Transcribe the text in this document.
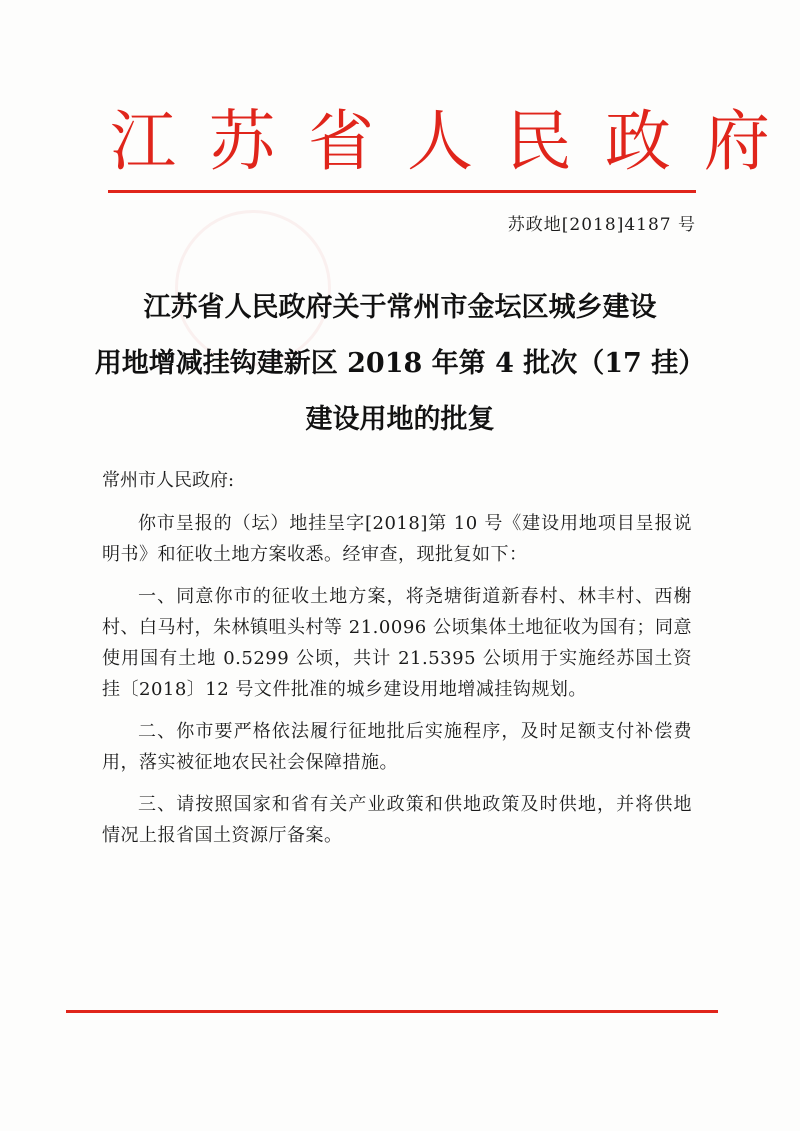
江 苏 省 人 民 政 府
苏政地[2018]4187 号
江苏省人民政府关于常州市金坛区城乡建设
用地增减挂钩建新区 2018 年第 4 批次（17 挂）
建设用地的批复
常州市人民政府:

你市呈报的（坛）地挂呈字[2018]第 10 号《建设用地项目呈报说明书》和征收土地方案收悉。经审查，现批复如下：

一、同意你市的征收土地方案，将尧塘街道新春村、林丰村、西榭村、白马村，朱林镇咀头村等 21.0096 公顷集体土地征收为国有；同意使用国有土地 0.5299 公顷，共计 21.5395 公顷用于实施经苏国土资挂〔2018〕12 号文件批准的城乡建设用地增减挂钩规划。

二、你市要严格依法履行征地批后实施程序，及时足额支付补偿费用，落实被征地农民社会保障措施。

三、请按照国家和省有关产业政策和供地政策及时供地，并将供地情况上报省国土资源厅备案。
